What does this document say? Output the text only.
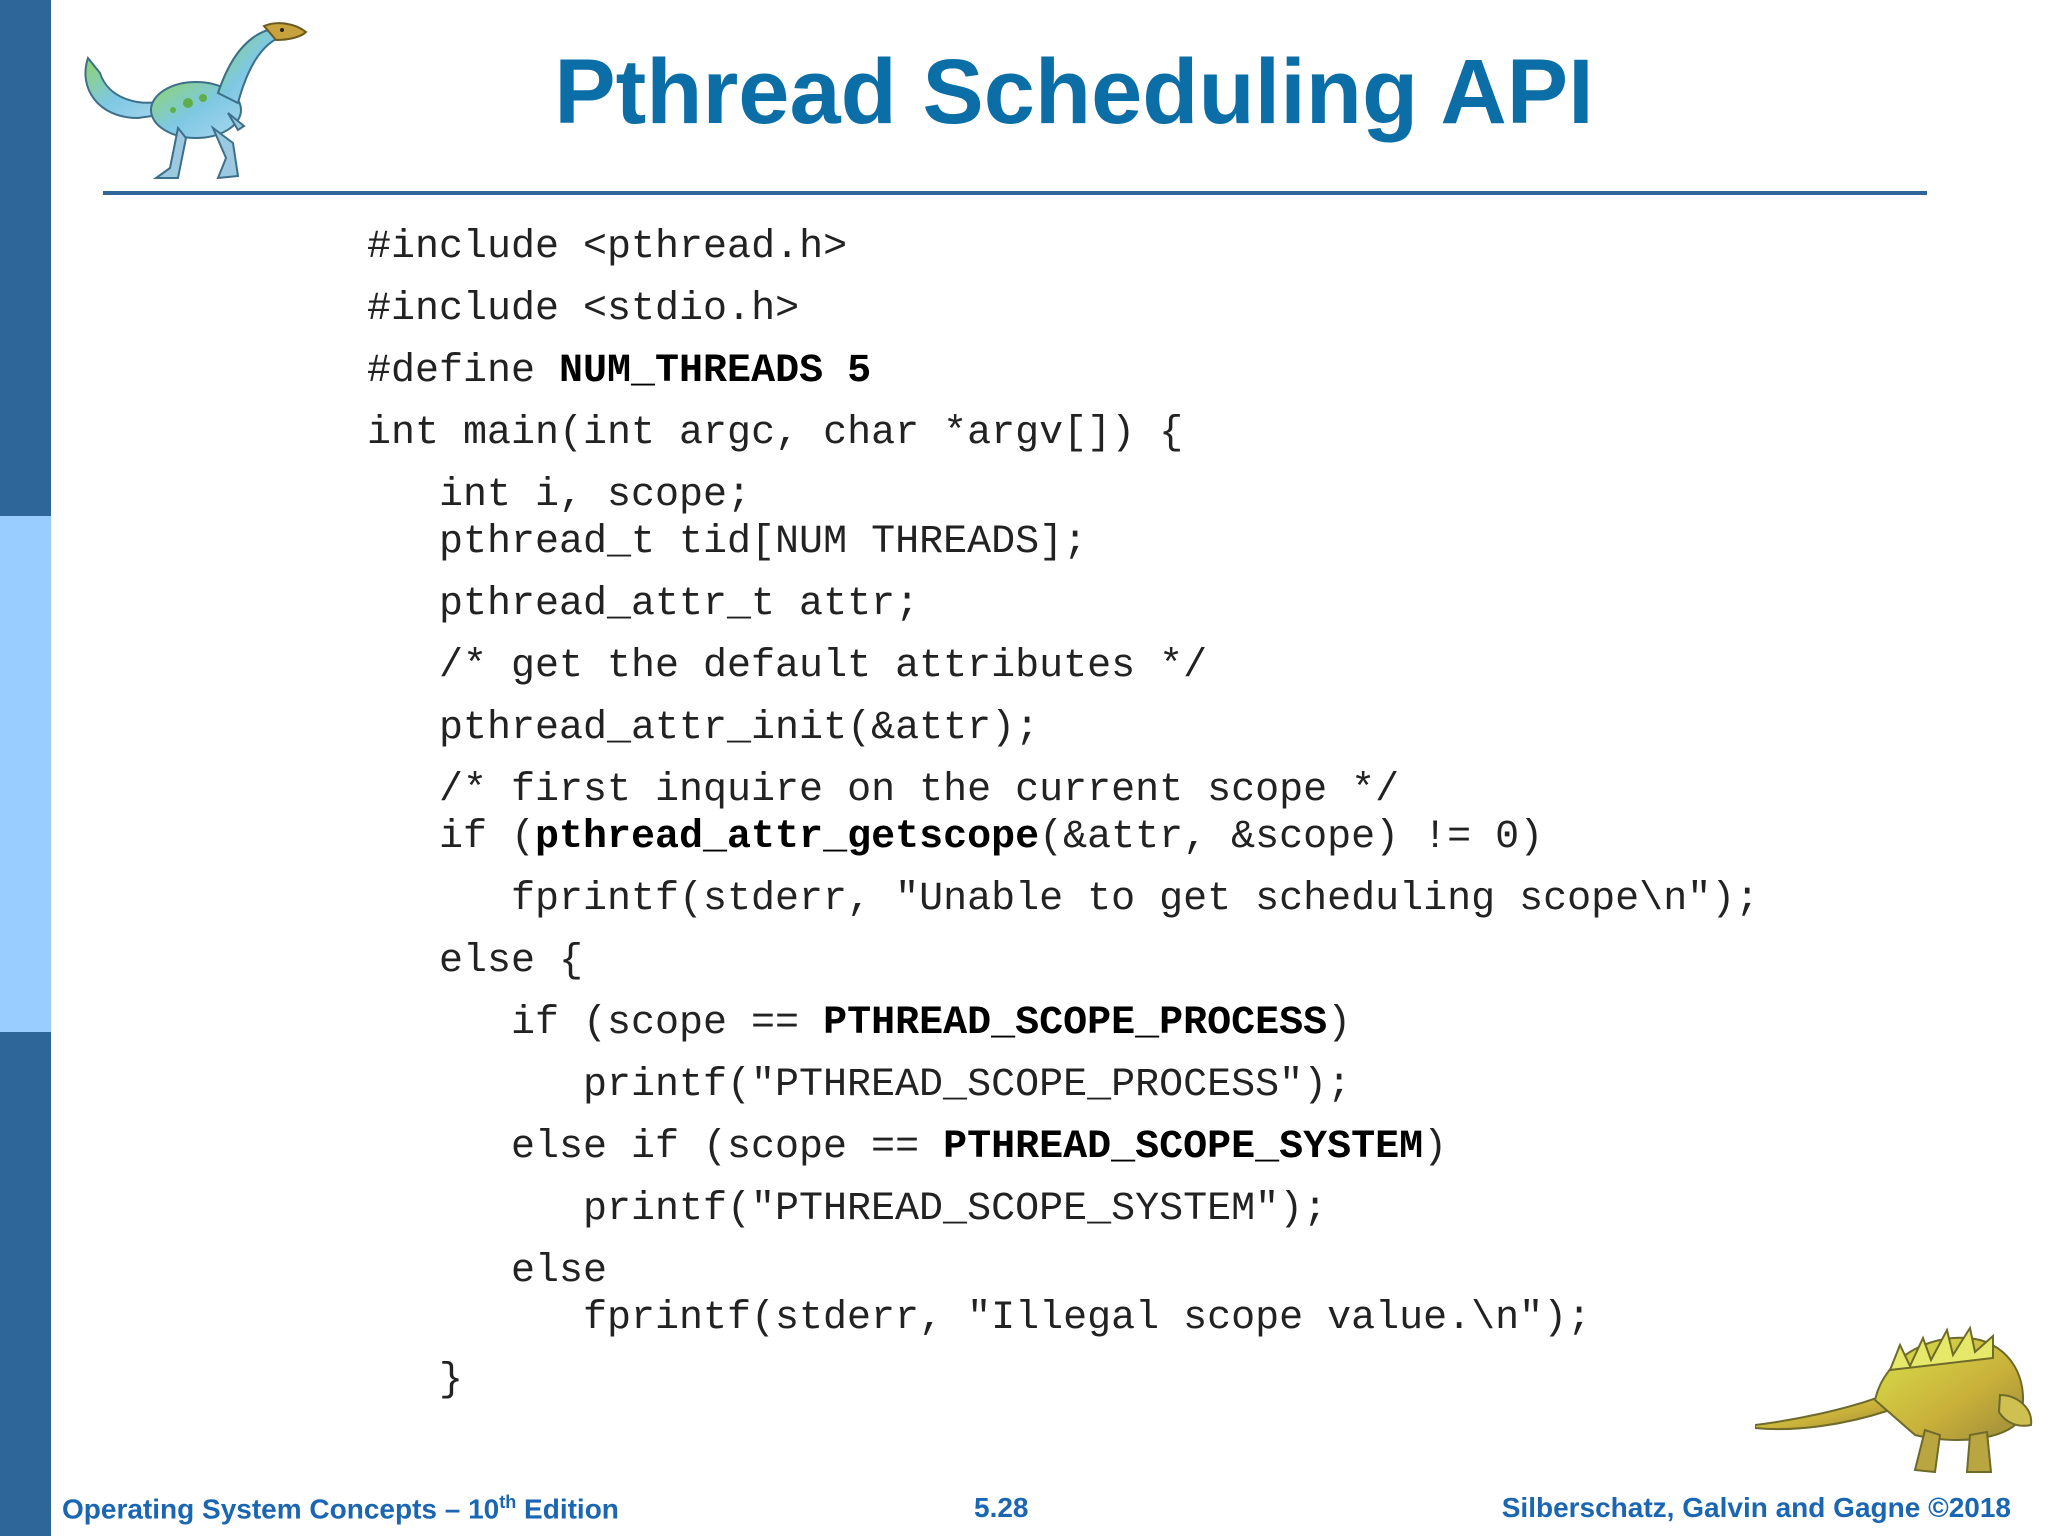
Pthread Scheduling API
#include <pthread.h>
#include <stdio.h>
#define NUM_THREADS 5
int main(int argc, char *argv[]) {
int i, scope;
pthread_t tid[NUM THREADS];
pthread_attr_t attr;
/* get the default attributes */
pthread_attr_init(&attr);
/* first inquire on the current scope */
if (pthread_attr_getscope(&attr, &scope) != 0)
fprintf(stderr, "Unable to get scheduling scope\n");
else {
if (scope == PTHREAD_SCOPE_PROCESS)
printf("PTHREAD_SCOPE_PROCESS");
else if (scope == PTHREAD_SCOPE_SYSTEM)
printf("PTHREAD_SCOPE_SYSTEM");
else
fprintf(stderr, "Illegal scope value.\n");
}
Operating System Concepts – 10th Edition	5.28	Silberschatz, Galvin and Gagne ©2018
